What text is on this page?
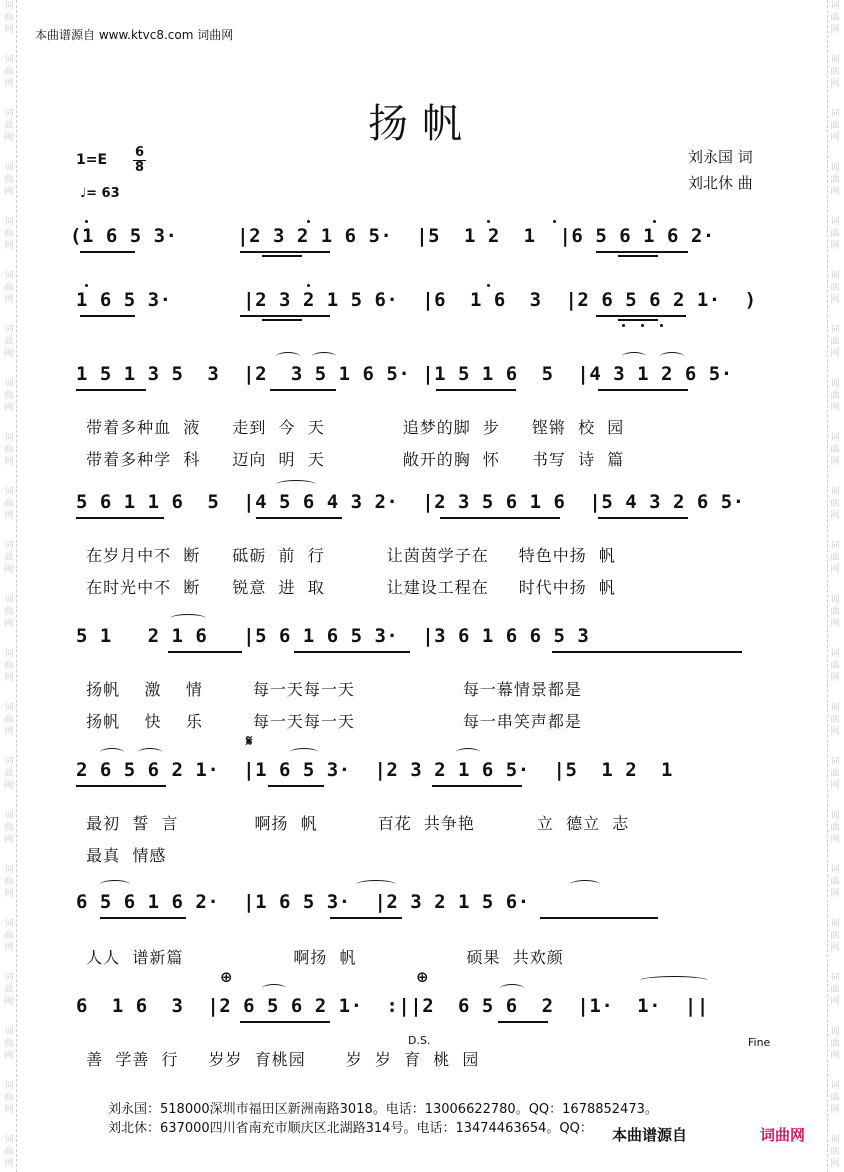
词曲网
词曲网
词曲网
词曲网
词曲网
词曲网
词曲网
词曲网
词曲网
词曲网
词曲网
词曲网
词曲网
词曲网
词曲网
词曲网
词曲网
词曲网
词曲网
词曲网
词曲网
词曲网
词曲网
词曲网
词曲网
词曲网
词曲网
词曲网
词曲网
词曲网
词曲网
词曲网
词曲网
词曲网
词曲网
词曲网
词曲网
词曲网
词曲网
词曲网
词曲网
词曲网
词曲网
词曲网
本曲谱源自 www.ktvc8.com 词曲网
扬帆
$1=E \frac{6}{8}$
♩= 63
刘永国 词
刘北休 曲
(1 6 5 3·     |2 3 2 1 6 5·  |5  1 2  1  |6 5 6 1 6 2·
1 6 5 3·      |2 3 2 1 5 6·  |6  1 6  3  |2 6 5 6 2 1·  )
1 5 1 3 5  3  |2  3 5 1 6 5· |1 5 1 6  5  |4 3 1 2 6 5·

带着多种血  液 走到  今  天	追梦的脚  步 铿锵  校  园

带着多种学  科 迈向  明  天	敞开的胸  怀 书写  诗  篇

5 6 1 1 6  5  |4 5 6 4 3 2·  |2 3 5 6 1 6  |5 4 3 2 6 5·

在岁月中不  断 砥砺  前  行	让茵茵学子在 特色中扬  帆

在时光中不  断 锐意  进  取	让建设工程在 时代中扬  帆

5 1   2 1 6   |5 6 1 6 5 3·  |3 6 1 6 6 5 3

扬帆    激    情	每一天每一天	每一幕情景都是

扬帆    快    乐	每一天每一天	每一串笑声都是

𝄋
2 6 5 6 2 1·  |1 6 5 3·  |2 3 2 1 6 5·  |5  1 2  1

最初  誓  言	啊扬  帆	百花  共争艳	立  德立  志

最真  情感

6 5 6 1 6 2·  |1 6 5 3·  |2 3 2 1 5 6·

人人  谱新篇	啊扬  帆	硕果  共欢颜

⊕	⊕
6  1 6  3  |2 6 5 6 2 1·  :||2  6 5 6  2  |1·  1·  ||

善  学善  行 岁岁  育桃园	岁  岁  育  桃  园

D.S.	Fine
刘永国：518000深圳市福田区新洲南路3018。电话：13006622780。QQ：1678852473。
刘北休：637000四川省南充市顺庆区北湖路314号。电话：13474463654。QQ： 本曲谱源自	词曲网
